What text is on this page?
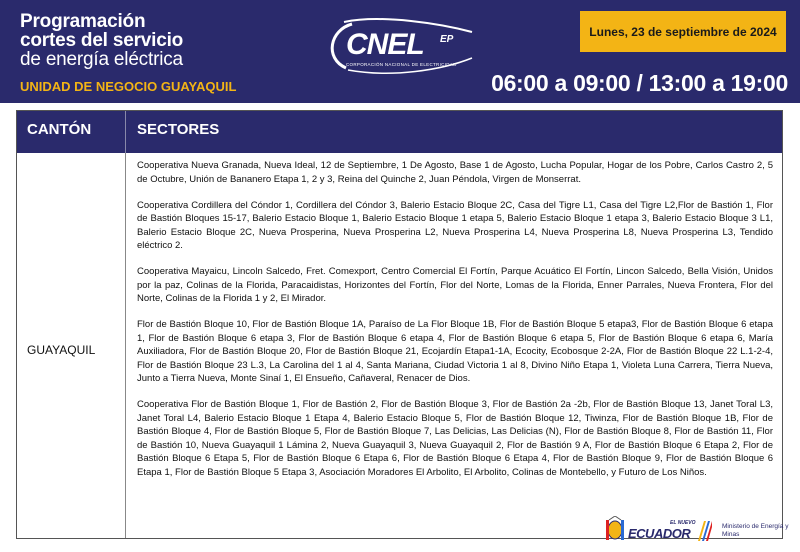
Programación
cortes del servicio
de energía eléctrica
UNIDAD DE NEGOCIO GUAYAQUIL
CNEL EP
CORPORACIÓN NACIONAL DE ELECTRICIDAD
Lunes, 23 de septiembre de 2024
06:00 a 09:00 / 13:00 a 19:00
CANTÓN	SECTORES
GUAYAQUIL

Cooperativa Nueva Granada, Nueva Ideal, 12 de Septiembre, 1 De Agosto, Base 1 de Agosto, Lucha Popular, Hogar de los Pobre, Carlos Castro 2, 5 de Octubre, Unión de Bananero Etapa 1, 2 y 3, Reina del Quinche 2, Juan Péndola, Virgen de Monserrat.

Cooperativa Cordillera del Cóndor 1, Cordillera del Cóndor 3, Balerio Estacio Bloque 2C, Casa del Tigre L1, Casa del Tigre L2,Flor de Bastión 1, Flor de Bastión Bloques 15-17, Balerio Estacio Bloque 1, Balerio Estacio Bloque 1 etapa 5, Balerio Estacio Bloque 1 etapa 3, Balerio Estacio Bloque 3 L1, Balerio Estacio Bloque 2C, Nueva Prosperina, Nueva Prosperina L2, Nueva Prosperina L4, Nueva Prosperina L8, Nueva Prosperina L3, Tendido eléctrico 2.

Cooperativa Mayaicu, Lincoln Salcedo, Fret. Comexport, Centro Comercial El Fortín, Parque Acuático El Fortín, Lincon Salcedo, Bella Visión, Unidos por la paz, Colinas de la Florida, Paracaidistas, Horizontes del Fortín, Flor del Norte, Lomas de la Florida, Enner Parrales, Nueva Frontera, Flor del Norte, Colinas de la Florida 1 y 2, El Mirador.

Flor de Bastión Bloque 10, Flor de Bastión Bloque 1A, Paraíso de La Flor Bloque 1B, Flor de Bastión Bloque 5 etapa3, Flor de Bastión Bloque 6 etapa 1, Flor de Bastión Bloque 6 etapa 3, Flor de Bastión Bloque 6 etapa 4, Flor de Bastión Bloque 6 etapa 5, Flor de Bastión Bloque 6 etapa 6, María Auxiliadora, Flor de Bastión Bloque 20, Flor de Bastión Bloque 21, Ecojardín Etapa1-1A, Ecocity, Ecobosque 2-2A, Flor de Bastión Bloque 22 L.1-2-4, Flor de Bastión Bloque 23 L.3, La Carolina del 1 al 4, Santa Mariana, Ciudad Victoria 1 al 8, Divino Niño Etapa 1, Violeta Luna Carrera, Tierra Nueva, Junto a Tierra Nueva, Monte Sinaí 1, El Ensueño, Cañaveral, Renacer de Dios.

Cooperativa Flor de Bastión Bloque 1, Flor de Bastión 2, Flor de Bastión Bloque 3, Flor de Bastión 2a -2b, Flor de Bastión Bloque 13, Janet Toral L3, Janet Toral L4, Balerio Estacio Bloque 1 Etapa 4, Balerio Estacio Bloque 5, Flor de Bastión Bloque 12, Tiwinza, Flor de Bastión Bloque 1B, Flor de Bastión Bloque 4, Flor de Bastión Bloque 5, Flor de Bastión Bloque 7, Las Delicias, Las Delicias (N), Flor de Bastión Bloque 8, Flor de Bastión 11, Flor de Bastión 10, Nueva Guayaquil 1 Lámina 2, Nueva Guayaquil 3, Nueva Guayaquil 2, Flor de Bastión 9 A, Flor de Bastión Bloque 6 Etapa 2, Flor de Bastión Bloque 6 Etapa 5, Flor de Bastión Bloque 6 Etapa 6, Flor de Bastión Bloque 6 Etapa 4, Flor de Bastión Bloque 9, Flor de Bastión Bloque 6 Etapa 1, Flor de Bastión Bloque 5 Etapa 3, Asociación Moradores El Arbolito, El Arbolito, Colinas de Montebello, y Futuro de Los Niños.

EL NUEVO
ECUADOR	Ministerio de Energía y Minas
